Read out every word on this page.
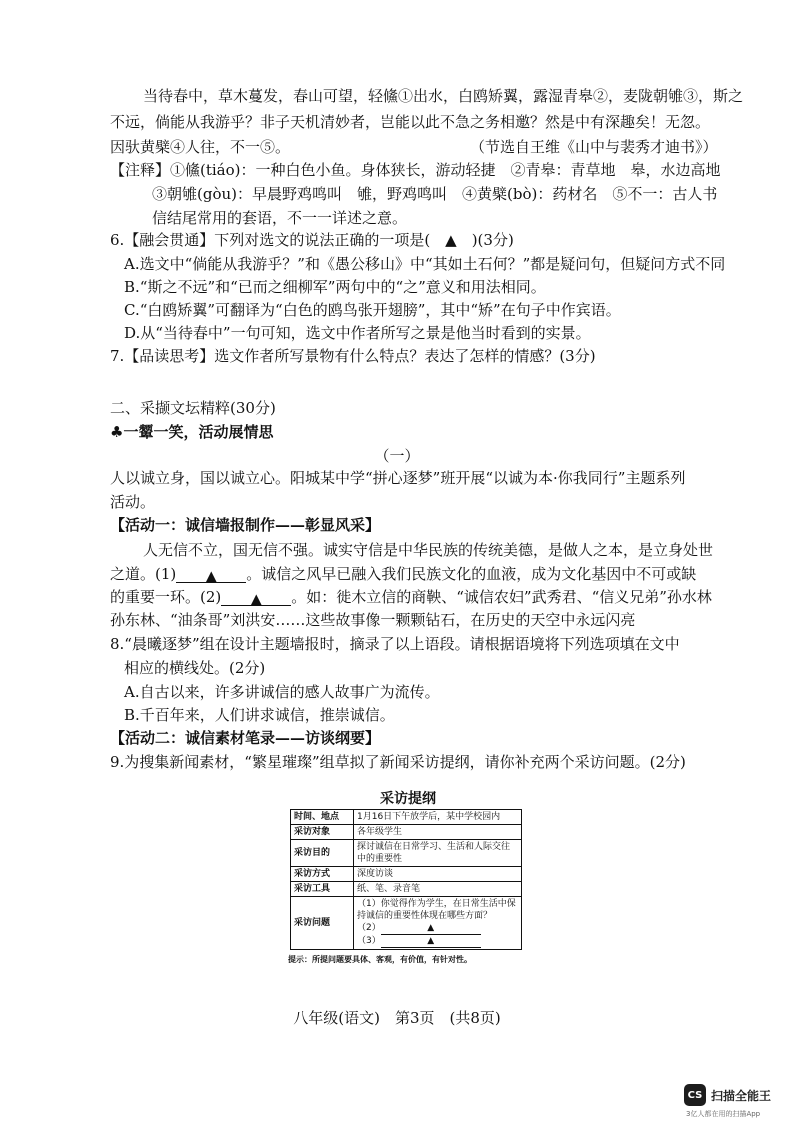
当待春中，草木蔓发，春山可望，轻鯈①出水，白鸥矫翼，露湿青皋②，麦陇朝雊③，斯之
不远，倘能从我游乎？非子天机清妙者，岂能以此不急之务相邀？然是中有深趣矣！无忽。
因驮黄檗④人往，不一⑤。	（节选自王维《山中与裴秀才迪书》）
【注释】①鯈(tiáo)：一种白色小鱼。身体狭长，游动轻捷　②青皋：青草地　皋，水边高地
③朝雊(gòu)：早晨野鸡鸣叫　雊，野鸡鸣叫　④黄檗(bò)：药材名　⑤不一：古人书
信结尾常用的套语，不一一详述之意。
6.【融会贯通】下列对选文的说法正确的一项是(　▲　)(3分)
A.选文中“倘能从我游乎？”和《愚公移山》中“其如土石何？”都是疑问句，但疑问方式不同
B.“斯之不远”和“已而之细柳军”两句中的“之”意义和用法相同。
C.“白鸥矫翼”可翻译为“白色的鸥鸟张开翅膀”，其中“矫”在句子中作宾语。
D.从“当待春中”一句可知，选文中作者所写之景是他当时看到的实景。
7.【品读思考】选文作者所写景物有什么特点？表达了怎样的情感？(3分)
二、采撷文坛精粹(30分)
♣一颦一笑，活动展情思
（一）
人以诚立身，国以诚立心。阳城某中学“拼心逐梦”班开展“以诚为本·你我同行”主题系列
活动。
【活动一：诚信墙报制作——彰显风采】
人无信不立，国无信不强。诚实守信是中华民族的传统美德，是做人之本，是立身处世
之道。(1) ▲ 。诚信之风早已融入我们民族文化的血液，成为文化基因中不可或缺
的重要一环。(2) ▲ 。如：徙木立信的商鞅、“诚信农妇”武秀君、“信义兄弟”孙水林
孙东林、“油条哥”刘洪安……这些故事像一颗颗钻石，在历史的天空中永远闪亮
8.“晨曦逐梦”组在设计主题墙报时，摘录了以上语段。请根据语境将下列选项填在文中
相应的横线处。(2分)
A.自古以来，许多讲诚信的感人故事广为流传。
B.千百年来，人们讲求诚信，推崇诚信。
【活动二：诚信素材笔录——访谈纲要】
9.为搜集新闻素材，“繁星璀璨”组草拟了新闻采访提纲，请你补充两个采访问题。(2分)
采访提纲
时间、地点	1月16日下午放学后，某中学校园内
采访对象	各年级学生
采访目的	探讨诚信在日常学习、生活和人际交往中的重要性
采访方式	深度访谈
采访工具	纸、笔、录音笔
采访问题	（1）你觉得作为学生，在日常生活中保持诚信的重要性体现在哪些方面？
（2） ▲
（3） ▲
提示：所提问题要具体、客观，有价值，有针对性。
八年级(语文)　第3页　(共8页)
CS 扫描全能王
3亿人都在用的扫描App
